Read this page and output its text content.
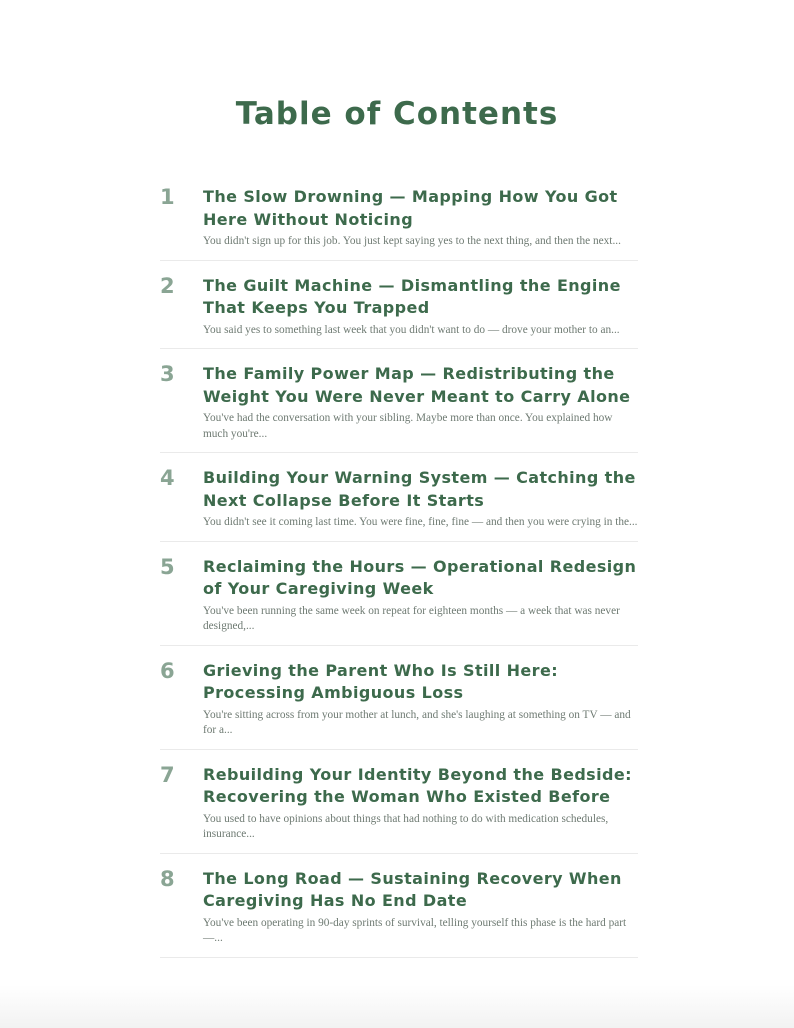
Table of Contents
1	The Slow Drowning — Mapping How You Got Here Without Noticing
You didn't sign up for this job. You just kept saying yes to the next thing, and then the next...
2	The Guilt Machine — Dismantling the Engine That Keeps You Trapped
You said yes to something last week that you didn't want to do — drove your mother to an...
3	The Family Power Map — Redistributing the Weight You Were Never Meant to Carry Alone
You've had the conversation with your sibling. Maybe more than once. You explained how much you're...
4	Building Your Warning System — Catching the Next Collapse Before It Starts
You didn't see it coming last time. You were fine, fine, fine — and then you were crying in the...
5	Reclaiming the Hours — Operational Redesign of Your Caregiving Week
You've been running the same week on repeat for eighteen months — a week that was never designed,...
6	Grieving the Parent Who Is Still Here: Processing Ambiguous Loss
You're sitting across from your mother at lunch, and she's laughing at something on TV — and for a...
7	Rebuilding Your Identity Beyond the Bedside: Recovering the Woman Who Existed Before
You used to have opinions about things that had nothing to do with medication schedules, insurance...
8	The Long Road — Sustaining Recovery When Caregiving Has No End Date
You've been operating in 90-day sprints of survival, telling yourself this phase is the hard part —...
